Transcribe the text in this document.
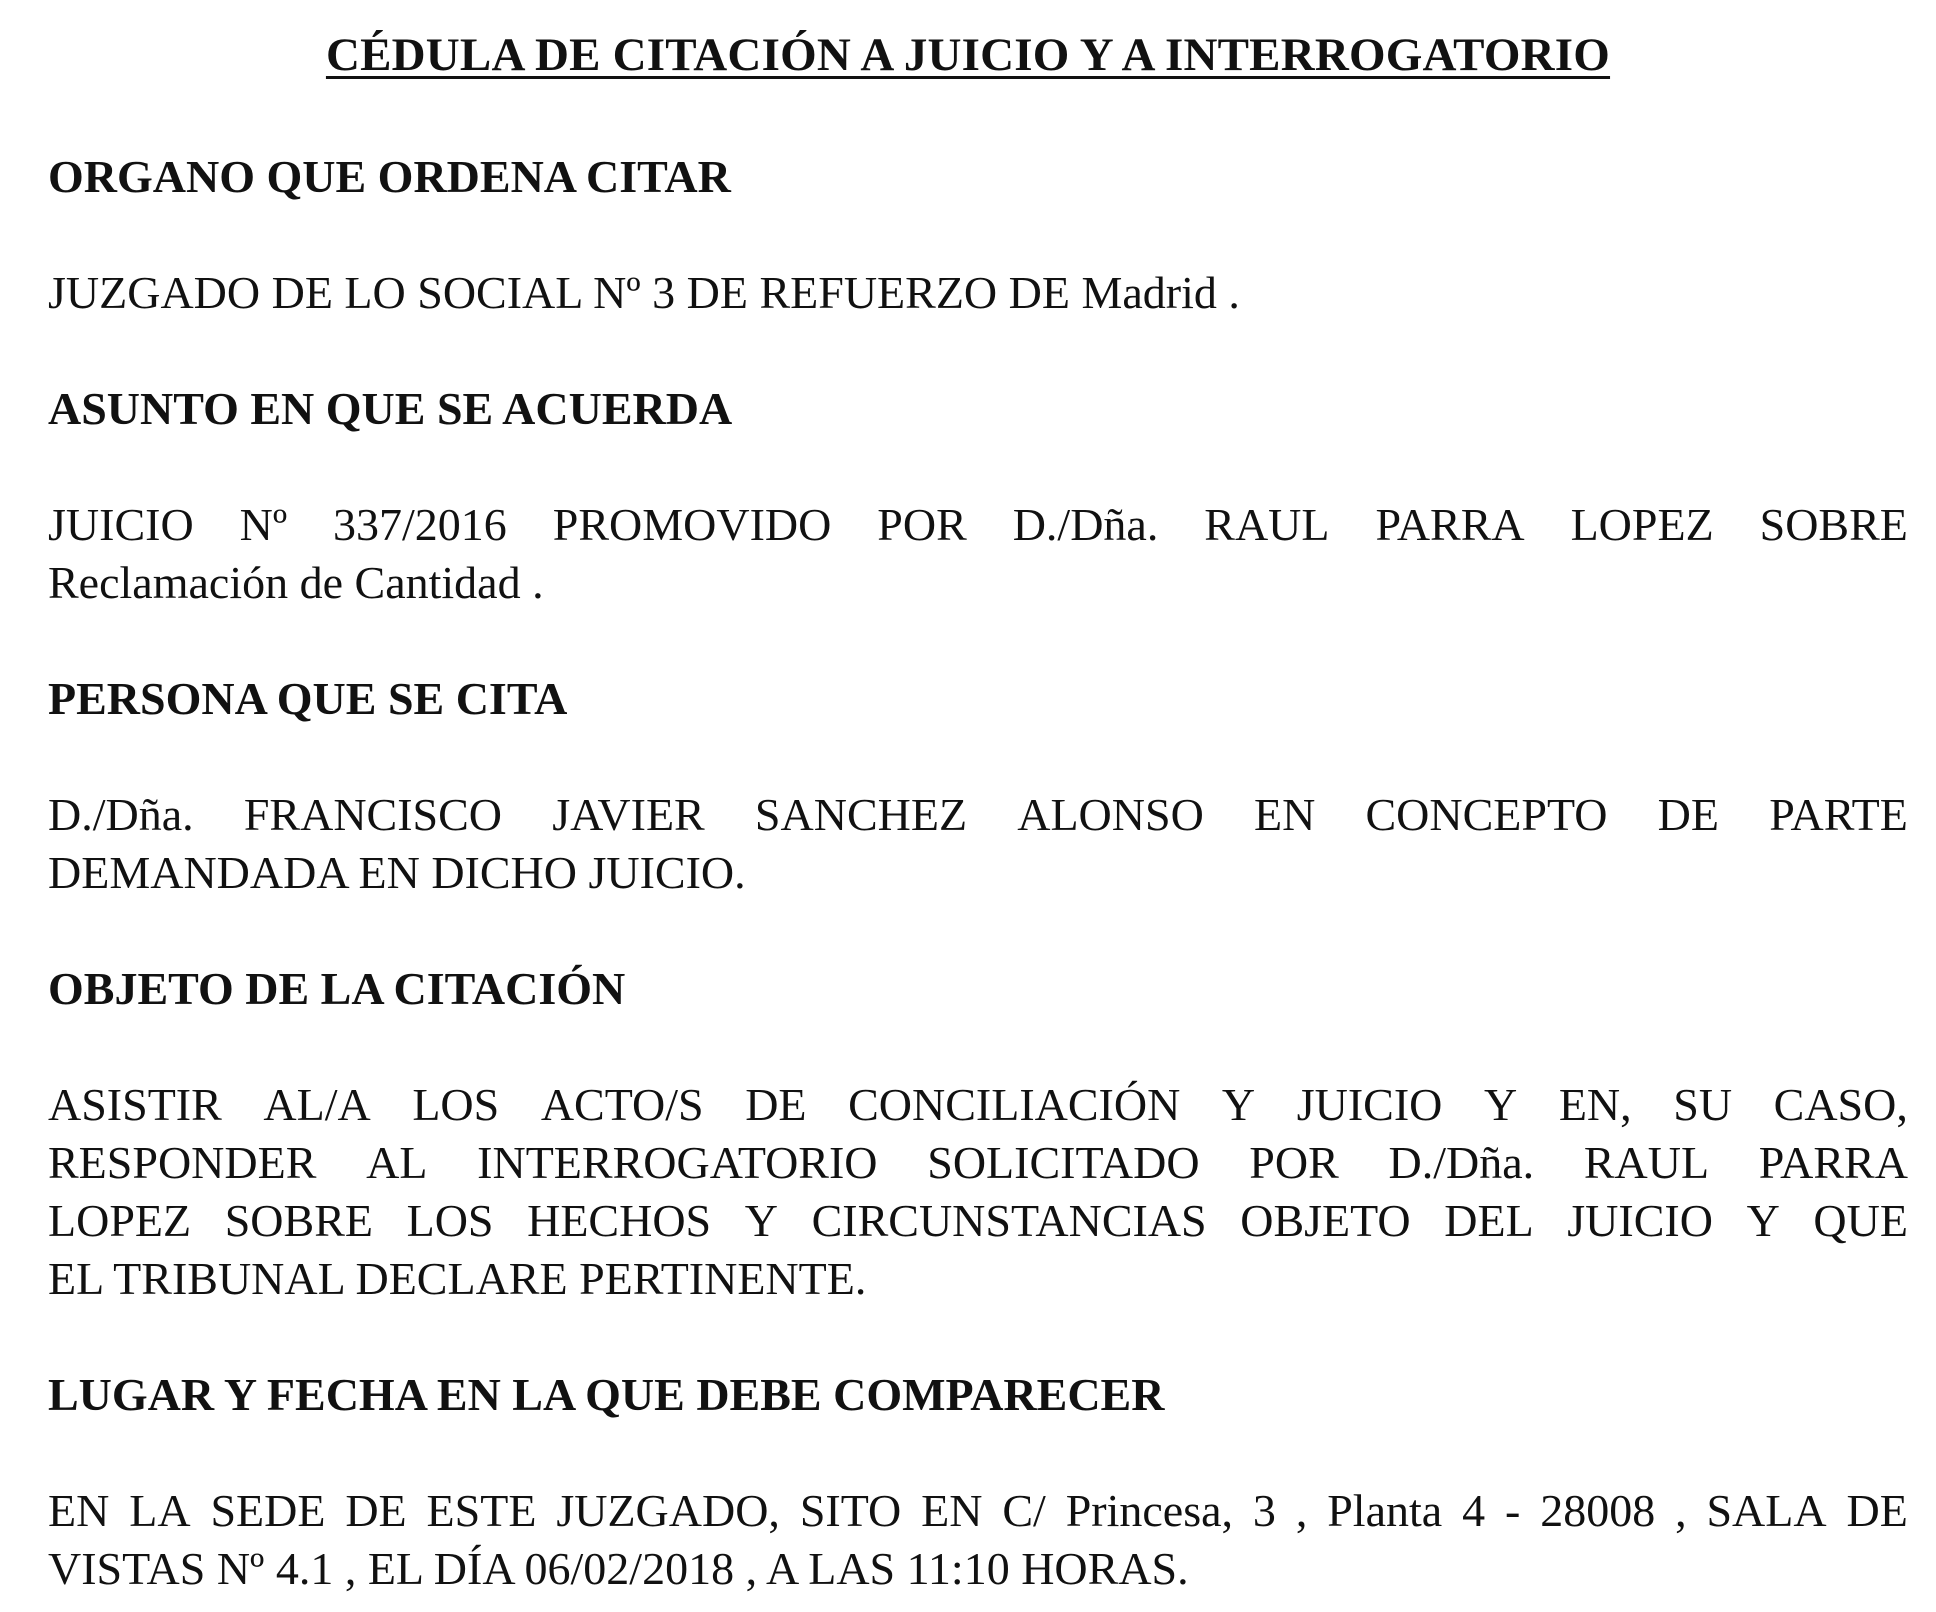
CÉDULA DE CITACIÓN A JUICIO Y A INTERROGATORIO
ORGANO QUE ORDENA CITAR
JUZGADO DE LO SOCIAL Nº 3 DE REFUERZO DE Madrid .
ASUNTO EN QUE SE ACUERDA
JUICIO Nº 337/2016 PROMOVIDO POR D./Dña. RAUL PARRA LOPEZ SOBRE
Reclamación de Cantidad .
PERSONA QUE SE CITA
D./Dña. FRANCISCO JAVIER SANCHEZ ALONSO EN CONCEPTO DE PARTE
DEMANDADA EN DICHO JUICIO.
OBJETO DE LA CITACIÓN
ASISTIR AL/A LOS ACTO/S DE CONCILIACIÓN Y JUICIO Y EN, SU CASO,
RESPONDER AL INTERROGATORIO SOLICITADO POR D./Dña. RAUL PARRA
LOPEZ SOBRE LOS HECHOS Y CIRCUNSTANCIAS OBJETO DEL JUICIO Y QUE
EL TRIBUNAL DECLARE PERTINENTE.
LUGAR Y FECHA EN LA QUE DEBE COMPARECER
EN LA SEDE DE ESTE JUZGADO, SITO EN C/ Princesa, 3 , Planta 4 - 28008 , SALA DE
VISTAS Nº 4.1 , EL DÍA 06/02/2018 , A LAS 11:10 HORAS.
